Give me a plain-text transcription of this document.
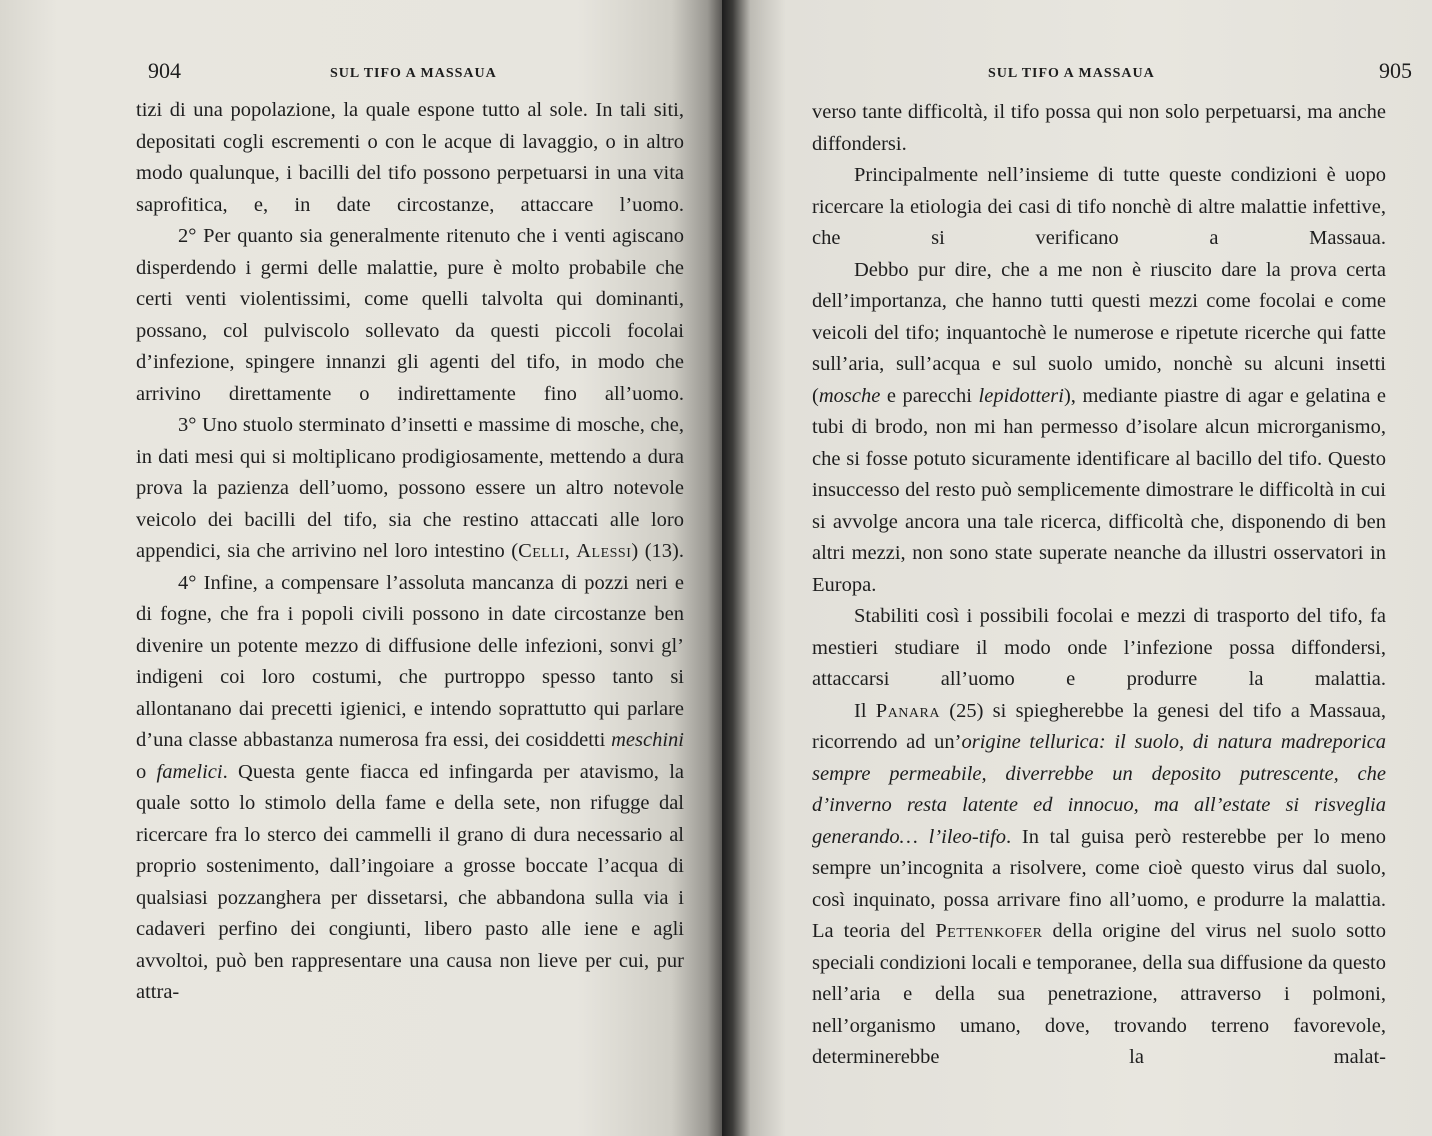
904	SUL TIFO A MASSAUA

tizi di una popolazione, la quale espone tutto al sole. In tali siti, depositati cogli escrementi o con le acque di lavaggio, o in altro modo qualunque, i bacilli del tifo possono perpetuarsi in una vita saprofitica, e, in date circostanze, attaccare l’uomo.

2° Per quanto sia generalmente ritenuto che i venti agiscano disperdendo i germi delle malattie, pure è molto probabile che certi venti violentissimi, come quelli talvolta qui dominanti, possano, col pulviscolo sollevato da questi piccoli focolai d’infezione, spingere innanzi gli agenti del tifo, in modo che arrivino direttamente o indirettamente fino all’uomo.

3° Uno stuolo sterminato d’insetti e massime di mosche, che, in dati mesi qui si moltiplicano prodigiosamente, mettendo a dura prova la pazienza dell’uomo, possono essere un altro notevole veicolo dei bacilli del tifo, sia che restino attaccati alle loro appendici, sia che arrivino nel loro intestino (Celli, Alessi) (13).

4° Infine, a compensare l’assoluta mancanza di pozzi neri e di fogne, che fra i popoli civili possono in date circostanze ben divenire un potente mezzo di diffusione delle infezioni, sonvi gl’ indigeni coi loro costumi, che purtroppo spesso tanto si allontanano dai precetti igienici, e intendo soprattutto qui parlare d’una classe abbastanza numerosa fra essi, dei cosiddetti meschini o famelici. Questa gente fiacca ed infingarda per atavismo, la quale sotto lo stimolo della fame e della sete, non rifugge dal ricercare fra lo sterco dei cammelli il grano di dura necessario al proprio sostenimento, dall’ingoiare a grosse boccate l’acqua di qualsiasi pozzanghera per dissetarsi, che abbandona sulla via i cadaveri perfino dei congiunti, libero pasto alle iene e agli avvoltoi, può ben rappresentare una causa non lieve per cui, pur attra-

SUL TIFO A MASSAUA	905

verso tante difficoltà, il tifo possa qui non solo perpetuarsi, ma anche diffondersi.

Principalmente nell’insieme di tutte queste condizioni è uopo ricercare la etiologia dei casi di tifo nonchè di altre malattie infettive, che si verificano a Massaua.

Debbo pur dire, che a me non è riuscito dare la prova certa dell’importanza, che hanno tutti questi mezzi come focolai e come veicoli del tifo; inquantochè le numerose e ripetute ricerche qui fatte sull’aria, sull’acqua e sul suolo umido, nonchè su alcuni insetti (mosche e parecchi lepidotteri), mediante piastre di agar e gelatina e tubi di brodo, non mi han permesso d’isolare alcun microrganismo, che si fosse potuto sicuramente identificare al bacillo del tifo. Questo insuccesso del resto può semplicemente dimostrare le difficoltà in cui si avvolge ancora una tale ricerca, difficoltà che, disponendo di ben altri mezzi, non sono state superate neanche da illustri osservatori in Europa.

Stabiliti così i possibili focolai e mezzi di trasporto del tifo, fa mestieri studiare il modo onde l’infezione possa diffondersi, attaccarsi all’uomo e produrre la malattia.

Il Panara (25) si spiegherebbe la genesi del tifo a Massaua, ricorrendo ad un’origine tellurica: il suolo, di natura madreporica sempre permeabile, diverrebbe un deposito putrescente, che d’inverno resta latente ed innocuo, ma all’estate si risveglia generando… l’ileo-tifo. In tal guisa però resterebbe per lo meno sempre un’incognita a risolvere, come cioè questo virus dal suolo, così inquinato, possa arrivare fino all’uomo, e produrre la malattia. La teoria del Pettenkofer della origine del virus nel suolo sotto speciali condizioni locali e temporanee, della sua diffusione da questo nell’aria e della sua penetrazione, attraverso i polmoni, nell’organismo umano, dove, trovando terreno favorevole, determinerebbe la malat-
